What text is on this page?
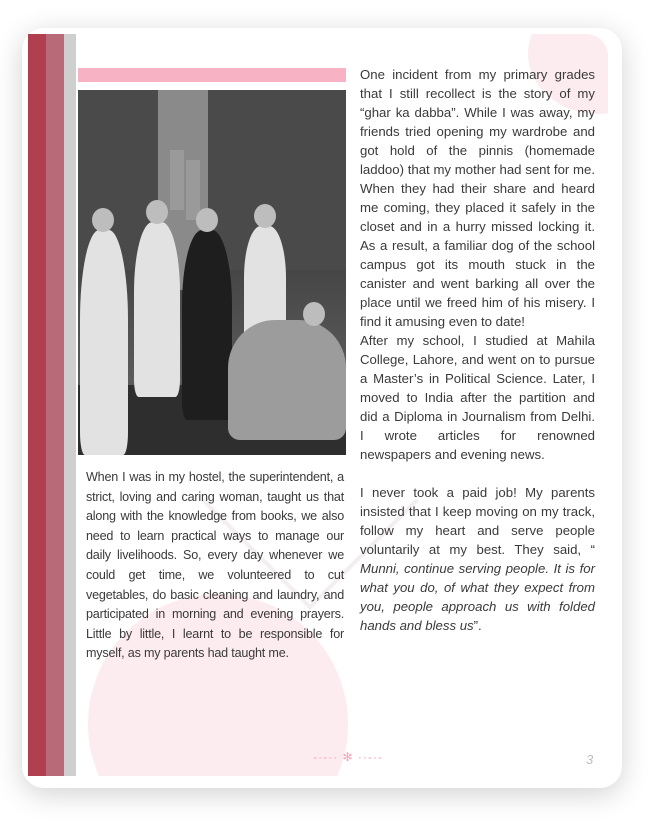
When I was in my hostel, the superintendent, a strict, loving and caring woman, taught us that along with the knowledge from books, we also need to learn practical ways to manage our daily livelihoods. So, every day whenever we could get time, we volunteered to cut vegetables, do basic cleaning and laundry, and participated in morning and evening prayers. Little by little, I learnt to be responsible for myself, as my parents had taught me.

One incident from my primary grades that I still recollect is the story of my “ghar ka dabba”. While I was away, my friends tried opening my wardrobe and got hold of the pinnis (homemade laddoo) that my mother had sent for me. When they had their share and heard me coming, they placed it safely in the closet and in a hurry missed locking it. As a result, a familiar dog of the school campus got its mouth stuck in the canister and went barking all over the place until we freed him of his misery. I find it amusing even to date!

After my school, I studied at Mahila College, Lahore, and went on to pursue a Master’s in Political Science. Later, I moved to India after the partition and did a Diploma in Journalism from Delhi. I wrote articles for renowned newspapers and evening news.

I never took a paid job! My parents insisted that I keep moving on my track, follow my heart and serve people voluntarily at my best. They said, “ Munni, continue serving people. It is for what you do, of what they expect from you, people approach us with folded hands and bless us”.

-·-·· ✻ ··-·-	3
